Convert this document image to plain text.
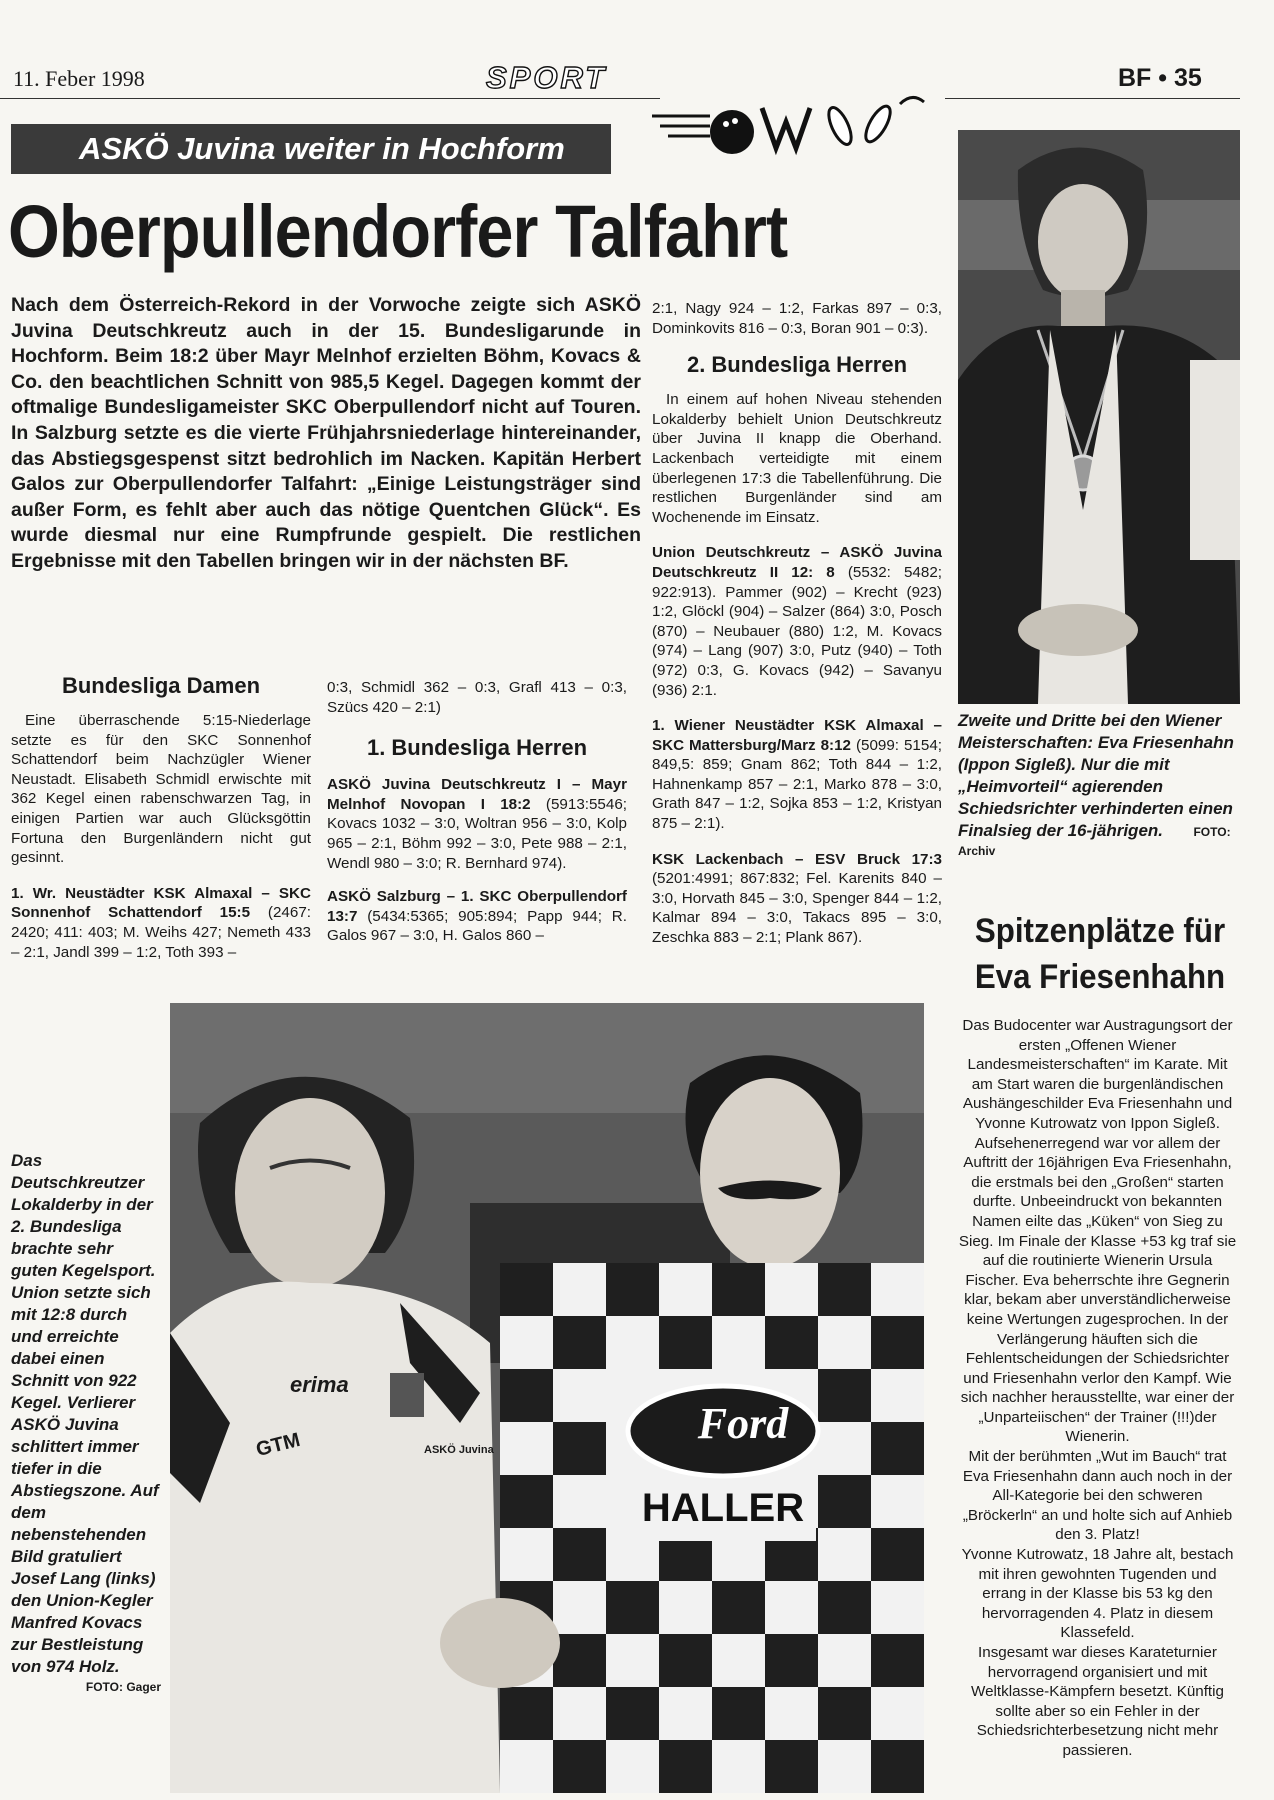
11. Feber 1998	SPORT	BF • 35
ASKÖ Juvina weiter in Hochform
Oberpullendorfer Talfahrt
Nach dem Österreich-Rekord in der Vorwoche zeigte sich ASKÖ Juvina Deutschkreutz auch in der 15. Bundesligarunde in Hochform. Beim 18:2 über Mayr Melnhof erzielten Böhm, Kovacs & Co. den beachtlichen Schnitt von 985,5 Kegel. Dagegen kommt der oftmalige Bundesligameister SKC Oberpullendorf nicht auf Touren. In Salzburg setzte es die vierte Frühjahrsniederlage hintereinander, das Abstiegsgespenst sitzt bedrohlich im Nacken. Kapitän Herbert Galos zur Oberpullendorfer Talfahrt: „Einige Leistungsträger sind außer Form, es fehlt aber auch das nötige Quentchen Glück“. Es wurde diesmal nur eine Rumpfrunde gespielt. Die restlichen Ergebnisse mit den Tabellen bringen wir in der nächsten BF.

Bundesliga Damen

Eine überraschende 5:15-Niederlage setzte es für den SKC Sonnenhof Schattendorf beim Nachzügler Wiener Neustadt. Elisabeth Schmidl erwischte mit 362 Kegel einen rabenschwarzen Tag, in einigen Partien war auch Glücksgöttin Fortuna den Burgenländern nicht gut gesinnt.

1. Wr. Neustädter KSK Almaxal – SKC Sonnenhof Schattendorf 15:5 (2467: 2420; 411: 403; M. Weihs 427; Nemeth 433 – 2:1, Jandl 399 – 1:2, Toth 393 –

0:3, Schmidl 362 – 0:3, Grafl 413 – 0:3, Szücs 420 – 2:1)

1. Bundesliga Herren

ASKÖ Juvina Deutschkreutz I – Mayr Melnhof Novopan I 18:2 (5913:5546; Kovacs 1032 – 3:0, Woltran 956 – 3:0, Kolp 965 – 2:1, Böhm 992 – 3:0, Pete 988 – 2:1, Wendl 980 – 3:0; R. Bernhard 974).

ASKÖ Salzburg – 1. SKC Oberpullendorf 13:7 (5434:5365; 905:894; Papp 944; R. Galos 967 – 3:0, H. Galos 860 –

2:1, Nagy 924 – 1:2, Farkas 897 – 0:3, Dominkovits 816 – 0:3, Boran 901 – 0:3).

2. Bundesliga Herren

In einem auf hohen Niveau stehenden Lokalderby behielt Union Deutschkreutz über Juvina II knapp die Oberhand. Lackenbach verteidigte mit einem überlegenen 17:3 die Tabellenführung. Die restlichen Burgenländer sind am Wochenende im Einsatz.

Union Deutschkreutz – ASKÖ Juvina Deutschkreutz II 12: 8 (5532: 5482; 922:913). Pammer (902) – Krecht (923) 1:2, Glöckl (904) – Salzer (864) 3:0, Posch (870) – Neubauer (880) 1:2, M. Kovacs (974) – Lang (907) 3:0, Putz (940) – Toth (972) 0:3, G. Kovacs (942) – Savanyu (936) 2:1.

1. Wiener Neustädter KSK Almaxal – SKC Mattersburg/Marz 8:12 (5099: 5154; 849,5: 859; Gnam 862; Toth 844 – 1:2, Hahnenkamp 857 – 2:1, Marko 878 – 3:0, Grath 847 – 1:2, Sojka 853 – 1:2, Kristyan 875 – 2:1).

KSK Lackenbach – ESV Bruck 17:3 (5201:4991; 867:832; Fel. Karenits 840 – 3:0, Horvath 845 – 3:0, Spenger 844 – 1:2, Kalmar 894 – 3:0, Takacs 895 – 3:0, Zeschka 883 – 2:1; Plank 867).

Zweite und Dritte bei den Wiener Meisterschaften: Eva Friesenhahn (Ippon Sigleß). Nur die mit „Heimvorteil“ agierenden Schiedsrichter verhinderten einen Finalsieg der 16-jährigen.	FOTO: Archiv
Spitzenplätze für Eva Friesenhahn

Das Budocenter war Austragungsort der ersten „Offenen Wiener Landesmeisterschaften“ im Karate. Mit am Start waren die burgenländischen Aushängeschilder Eva Friesenhahn und Yvonne Kutrowatz von Ippon Sigleß.

Aufsehenerregend war vor allem der Auftritt der 16jährigen Eva Friesenhahn, die erstmals bei den „Großen“ starten durfte. Unbeeindruckt von bekannten Namen eilte das „Küken“ von Sieg zu Sieg. Im Finale der Klasse +53 kg traf sie auf die routinierte Wienerin Ursula Fischer. Eva beherrschte ihre Gegnerin klar, bekam aber unverständlicherweise keine Wertungen zugesprochen. In der Verlängerung häuften sich die Fehlentscheidungen der Schiedsrichter und Friesenhahn verlor den Kampf. Wie sich nachher herausstellte, war einer der „Unparteiischen“ der Trainer (!!!)der Wienerin.

Mit der berühmten „Wut im Bauch“ trat Eva Friesenhahn dann auch noch in der All-Kategorie bei den schweren „Bröckerln“ an und holte sich auf Anhieb den 3. Platz!

Yvonne Kutrowatz, 18 Jahre alt, bestach mit ihren gewohnten Tugenden und errang in der Klasse bis 53 kg den hervorragenden 4. Platz in diesem Klassefeld.

Insgesamt war dieses Karateturnier hervorragend organisiert und mit Weltklasse-Kämpfern besetzt. Künftig sollte aber so ein Fehler in der Schiedsrichterbesetzung nicht mehr passieren.

Das Deutschkreutzer Lokalderby in der 2. Bundesliga brachte sehr guten Kegelsport. Union setzte sich mit 12:8 durch und erreichte dabei einen Schnitt von 922 Kegel. Verlierer ASKÖ Juvina schlittert immer tiefer in die Abstiegszone. Auf dem nebenstehenden Bild gratuliert Josef Lang (links) den Union-Kegler Manfred Kovacs zur Bestleistung von 974 Holz.
FOTO: Gager
erima
GTM	ASKÖ Juvina
Ford
HALLER
